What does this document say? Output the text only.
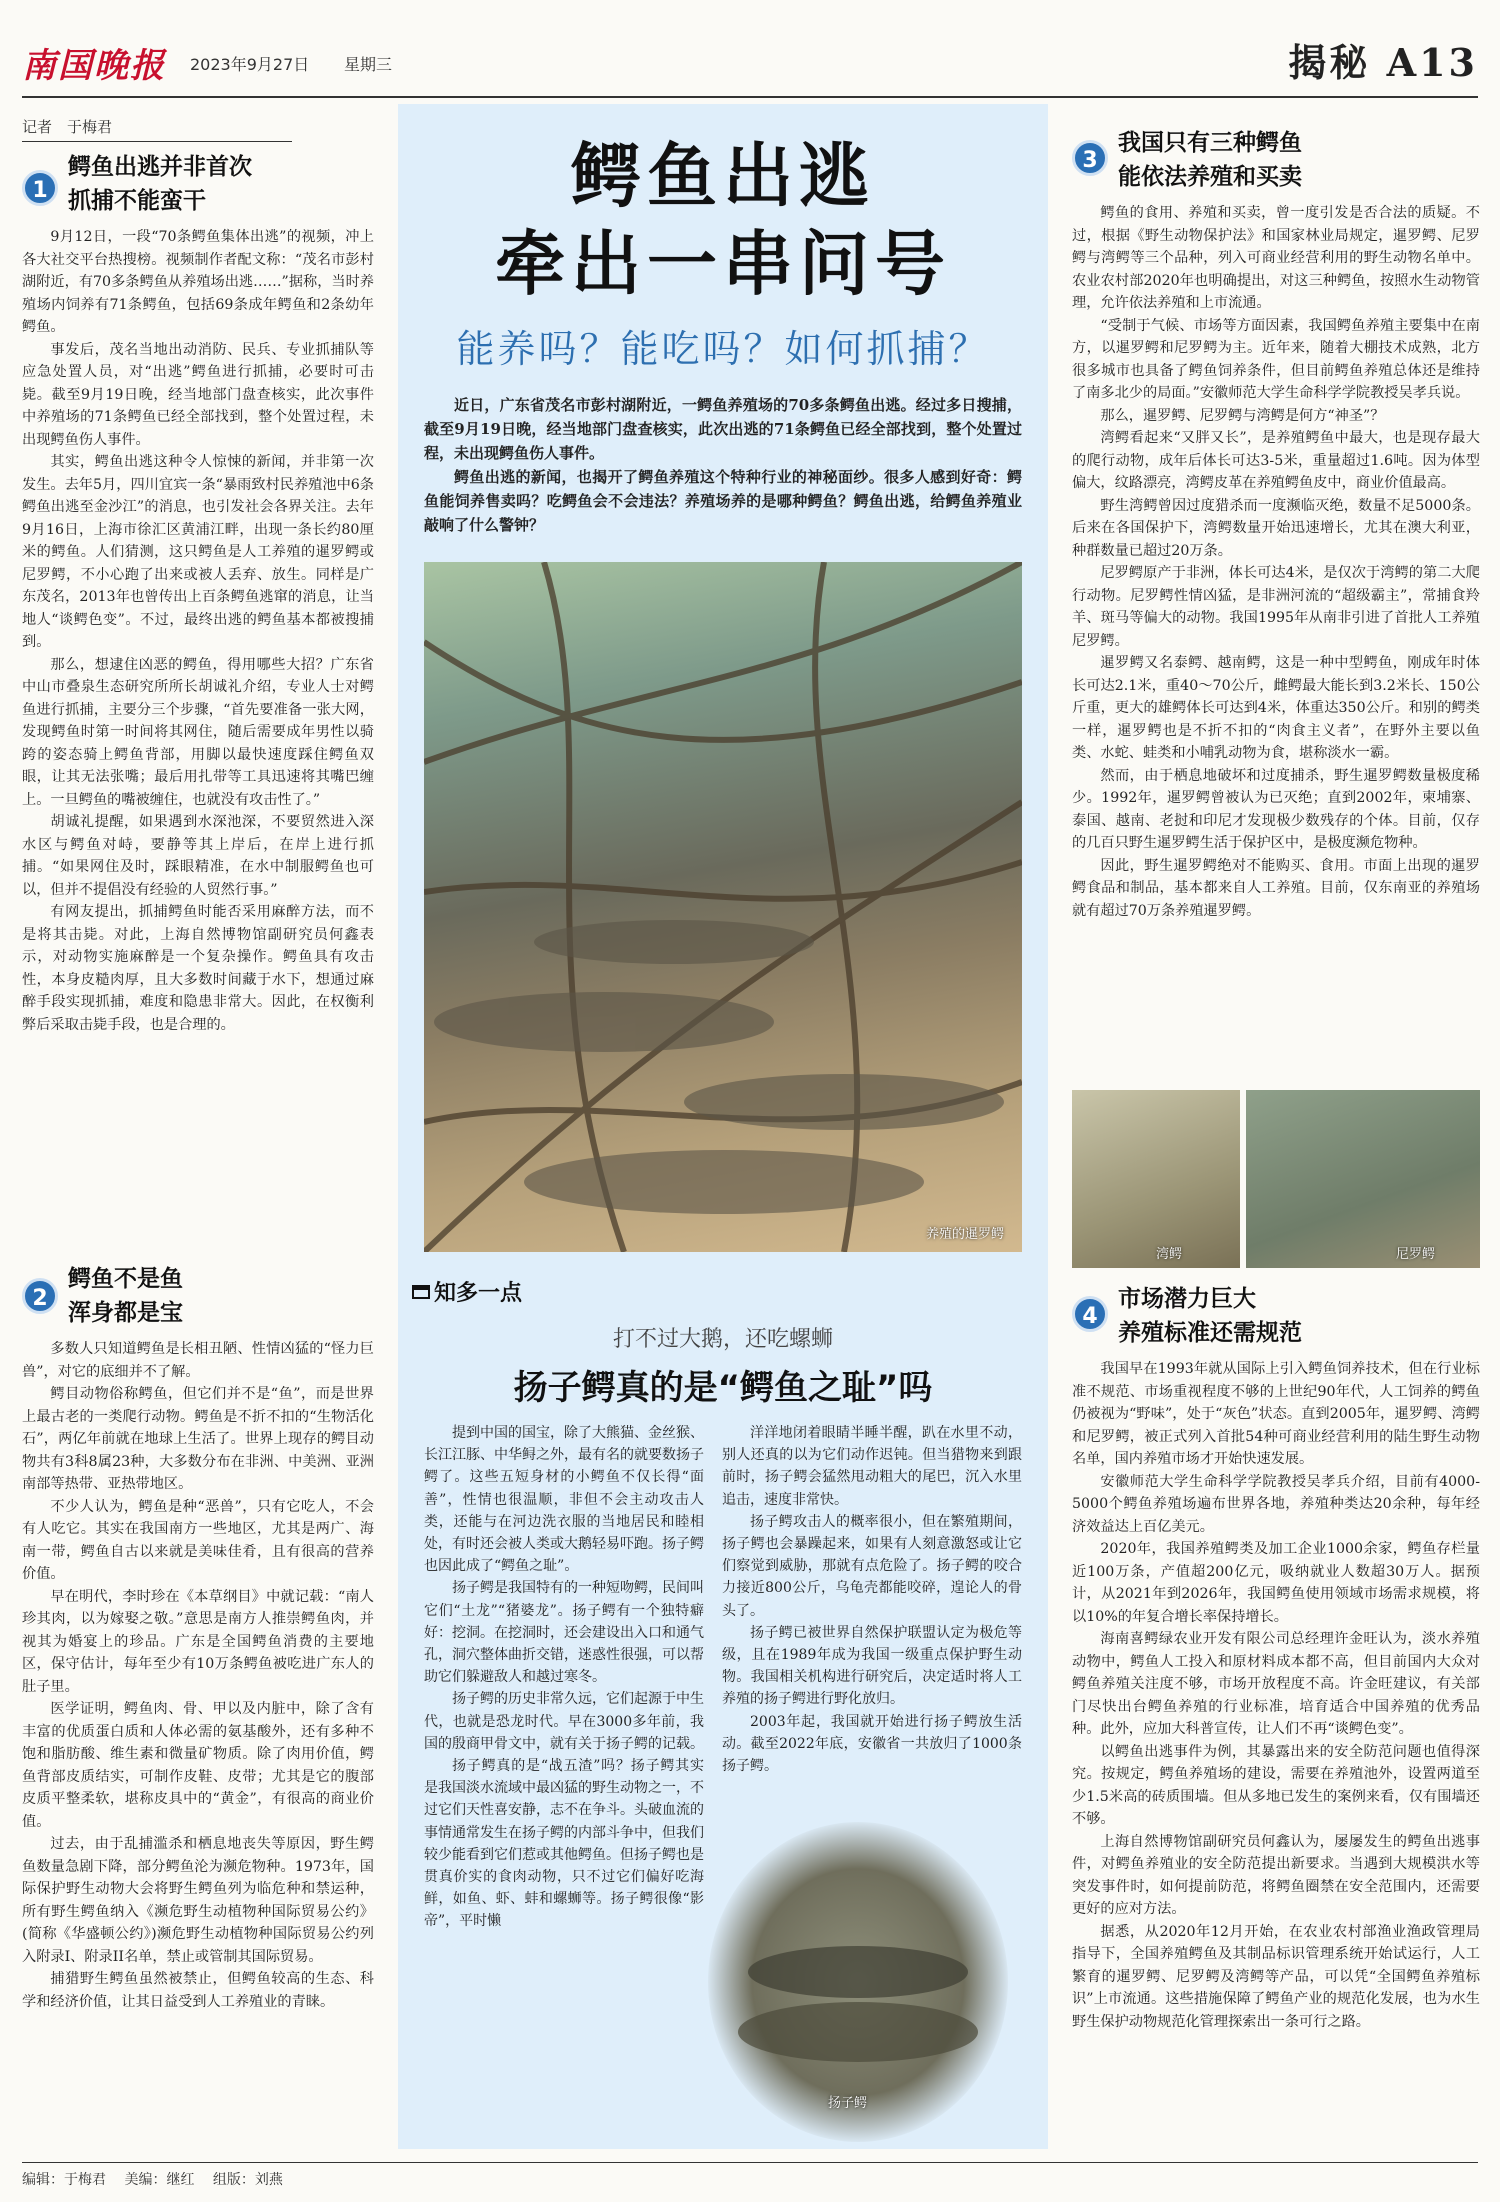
南国晚报 2023年9月27日 星期三	揭秘 A13
记者　于梅君
1
鳄鱼出逃并非首次
抓捕不能蛮干

9月12日，一段“70条鳄鱼集体出逃”的视频，冲上各大社交平台热搜榜。视频制作者配文称：“茂名市彭村湖附近，有70多条鳄鱼从养殖场出逃……”据称，当时养殖场内饲养有71条鳄鱼，包括69条成年鳄鱼和2条幼年鳄鱼。

事发后，茂名当地出动消防、民兵、专业抓捕队等应急处置人员，对“出逃”鳄鱼进行抓捕，必要时可击毙。截至9月19日晚，经当地部门盘查核实，此次事件中养殖场的71条鳄鱼已经全部找到，整个处置过程，未出现鳄鱼伤人事件。

其实，鳄鱼出逃这种令人惊悚的新闻，并非第一次发生。去年5月，四川宜宾一条“暴雨致村民养殖池中6条鳄鱼出逃至金沙江”的消息，也引发社会各界关注。去年9月16日，上海市徐汇区黄浦江畔，出现一条长约80厘米的鳄鱼。人们猜测，这只鳄鱼是人工养殖的暹罗鳄或尼罗鳄，不小心跑了出来或被人丢弃、放生。同样是广东茂名，2013年也曾传出上百条鳄鱼逃窜的消息，让当地人“谈鳄色变”。不过，最终出逃的鳄鱼基本都被搜捕到。

那么，想逮住凶恶的鳄鱼，得用哪些大招？广东省中山市叠泉生态研究所所长胡诚礼介绍，专业人士对鳄鱼进行抓捕，主要分三个步骤，“首先要准备一张大网，发现鳄鱼时第一时间将其网住，随后需要成年男性以骑跨的姿态骑上鳄鱼背部，用脚以最快速度踩住鳄鱼双眼，让其无法张嘴；最后用扎带等工具迅速将其嘴巴缠上。一旦鳄鱼的嘴被缠住，也就没有攻击性了。”

胡诚礼提醒，如果遇到水深池深，不要贸然进入深水区与鳄鱼对峙，要静等其上岸后，在岸上进行抓捕。“如果网住及时，踩眼精准，在水中制服鳄鱼也可以，但并不提倡没有经验的人贸然行事。”

有网友提出，抓捕鳄鱼时能否采用麻醉方法，而不是将其击毙。对此，上海自然博物馆副研究员何鑫表示，对动物实施麻醉是一个复杂操作。鳄鱼具有攻击性，本身皮糙肉厚，且大多数时间藏于水下，想通过麻醉手段实现抓捕，难度和隐患非常大。因此，在权衡利弊后采取击毙手段，也是合理的。

2
鳄鱼不是鱼
浑身都是宝

多数人只知道鳄鱼是长相丑陋、性情凶猛的“怪力巨兽”，对它的底细并不了解。

鳄目动物俗称鳄鱼，但它们并不是“鱼”，而是世界上最古老的一类爬行动物。鳄鱼是不折不扣的“生物活化石”，两亿年前就在地球上生活了。世界上现存的鳄目动物共有3科8属23种，大多数分布在非洲、中美洲、亚洲南部等热带、亚热带地区。

不少人认为，鳄鱼是种“恶兽”，只有它吃人，不会有人吃它。其实在我国南方一些地区，尤其是两广、海南一带，鳄鱼自古以来就是美味佳肴，且有很高的营养价值。

早在明代，李时珍在《本草纲目》中就记载：“南人珍其肉，以为嫁娶之敬。”意思是南方人推崇鳄鱼肉，并视其为婚宴上的珍品。广东是全国鳄鱼消费的主要地区，保守估计，每年至少有10万条鳄鱼被吃进广东人的肚子里。

医学证明，鳄鱼肉、骨、甲以及内脏中，除了含有丰富的优质蛋白质和人体必需的氨基酸外，还有多种不饱和脂肪酸、维生素和微量矿物质。除了肉用价值，鳄鱼背部皮质结实，可制作皮鞋、皮带；尤其是它的腹部皮质平整柔软，堪称皮具中的“黄金”，有很高的商业价值。

过去，由于乱捕滥杀和栖息地丧失等原因，野生鳄鱼数量急剧下降，部分鳄鱼沦为濒危物种。1973年，国际保护野生动物大会将野生鳄鱼列为临危种和禁运种，所有野生鳄鱼纳入《濒危野生动植物种国际贸易公约》(简称《华盛顿公约》)濒危野生动植物种国际贸易公约列入附录I、附录II名单，禁止或管制其国际贸易。

捕猎野生鳄鱼虽然被禁止，但鳄鱼较高的生态、科学和经济价值，让其日益受到人工养殖业的青睐。

鳄鱼出逃
牵出一串问号
能养吗？能吃吗？如何抓捕？

近日，广东省茂名市彭村湖附近，一鳄鱼养殖场的70多条鳄鱼出逃。经过多日搜捕，截至9月19日晚，经当地部门盘查核实，此次出逃的71条鳄鱼已经全部找到，整个处置过程，未出现鳄鱼伤人事件。

鳄鱼出逃的新闻，也揭开了鳄鱼养殖这个特种行业的神秘面纱。很多人感到好奇：鳄鱼能饲养售卖吗？吃鳄鱼会不会违法？养殖场养的是哪种鳄鱼？鳄鱼出逃，给鳄鱼养殖业敲响了什么警钟？

养殖的暹罗鳄
知多一点
打不过大鹅，还吃螺蛳
扬子鳄真的是“鳄鱼之耻”吗

提到中国的国宝，除了大熊猫、金丝猴、长江江豚、中华鲟之外，最有名的就要数扬子鳄了。这些五短身材的小鳄鱼不仅长得“面善”，性情也很温顺，非但不会主动攻击人类，还能与在河边洗衣服的当地居民和睦相处，有时还会被人类或大鹅轻易吓跑。扬子鳄也因此成了“鳄鱼之耻”。

扬子鳄是我国特有的一种短吻鳄，民间叫它们“土龙”“猪婆龙”。扬子鳄有一个独特癖好：挖洞。在挖洞时，还会建设出入口和通气孔，洞穴整体曲折交错，迷惑性很强，可以帮助它们躲避敌人和越过寒冬。

扬子鳄的历史非常久远，它们起源于中生代，也就是恐龙时代。早在3000多年前，我国的殷商甲骨文中，就有关于扬子鳄的记载。

扬子鳄真的是“战五渣”吗？扬子鳄其实是我国淡水流域中最凶猛的野生动物之一，不过它们天性喜安静，志不在争斗。头破血流的事情通常发生在扬子鳄的内部斗争中，但我们较少能看到它们惹或其他鳄鱼。但扬子鳄也是贯真价实的食肉动物，只不过它们偏好吃海鲜，如鱼、虾、蚌和螺蛳等。扬子鳄很像“影帝”，平时懒

洋洋地闭着眼睛半睡半醒，趴在水里不动，别人还真的以为它们动作迟钝。但当猎物来到跟前时，扬子鳄会猛然甩动粗大的尾巴，沉入水里追击，速度非常快。

扬子鳄攻击人的概率很小，但在繁殖期间，扬子鳄也会暴躁起来，如果有人刻意激怒或让它们察觉到威胁，那就有点危险了。扬子鳄的咬合力接近800公斤，乌龟壳都能咬碎，遑论人的骨头了。

扬子鳄已被世界自然保护联盟认定为极危等级，且在1989年成为我国一级重点保护野生动物。我国相关机构进行研究后，决定适时将人工养殖的扬子鳄进行野化放归。

2003年起，我国就开始进行扬子鳄放生活动。截至2022年底，安徽省一共放归了1000条扬子鳄。

扬子鳄
3
我国只有三种鳄鱼
能依法养殖和买卖

鳄鱼的食用、养殖和买卖，曾一度引发是否合法的质疑。不过，根据《野生动物保护法》和国家林业局规定，暹罗鳄、尼罗鳄与湾鳄等三个品种，列入可商业经营利用的野生动物名单中。农业农村部2020年也明确提出，对这三种鳄鱼，按照水生动物管理，允许依法养殖和上市流通。

“受制于气候、市场等方面因素，我国鳄鱼养殖主要集中在南方，以暹罗鳄和尼罗鳄为主。近年来，随着大棚技术成熟，北方很多城市也具备了鳄鱼饲养条件，但目前鳄鱼养殖总体还是维持了南多北少的局面。”安徽师范大学生命科学学院教授吴孝兵说。

那么，暹罗鳄、尼罗鳄与湾鳄是何方“神圣”？

湾鳄看起来“又胖又长”，是养殖鳄鱼中最大，也是现存最大的爬行动物，成年后体长可达3-5米，重量超过1.6吨。因为体型偏大，纹路漂亮，湾鳄皮革在养殖鳄鱼皮中，商业价值最高。

野生湾鳄曾因过度猎杀而一度濒临灭绝，数量不足5000条。后来在各国保护下，湾鳄数量开始迅速增长，尤其在澳大利亚，种群数量已超过20万条。

尼罗鳄原产于非洲，体长可达4米，是仅次于湾鳄的第二大爬行动物。尼罗鳄性情凶猛，是非洲河流的“超级霸主”，常捕食羚羊、斑马等偏大的动物。我国1995年从南非引进了首批人工养殖尼罗鳄。

暹罗鳄又名泰鳄、越南鳄，这是一种中型鳄鱼，刚成年时体长可达2.1米，重40～70公斤，雌鳄最大能长到3.2米长、150公斤重，更大的雄鳄体长可达到4米，体重达350公斤。和别的鳄类一样，暹罗鳄也是不折不扣的“肉食主义者”，在野外主要以鱼类、水蛇、蛙类和小哺乳动物为食，堪称淡水一霸。

然而，由于栖息地破坏和过度捕杀，野生暹罗鳄数量极度稀少。1992年，暹罗鳄曾被认为已灭绝；直到2002年，柬埔寨、泰国、越南、老挝和印尼才发现极少数残存的个体。目前，仅存的几百只野生暹罗鳄生活于保护区中，是极度濒危物种。

因此，野生暹罗鳄绝对不能购买、食用。市面上出现的暹罗鳄食品和制品，基本都来自人工养殖。目前，仅东南亚的养殖场就有超过70万条养殖暹罗鳄。

湾鳄	尼罗鳄
4
市场潜力巨大
养殖标准还需规范

我国早在1993年就从国际上引入鳄鱼饲养技术，但在行业标准不规范、市场重视程度不够的上世纪90年代，人工饲养的鳄鱼仍被视为“野味”，处于“灰色”状态。直到2005年，暹罗鳄、湾鳄和尼罗鳄，被正式列入首批54种可商业经营利用的陆生野生动物名单，国内养殖市场才开始快速发展。

安徽师范大学生命科学学院教授吴孝兵介绍，目前有4000-5000个鳄鱼养殖场遍布世界各地，养殖种类达20余种，每年经济效益达上百亿美元。

2020年，我国养殖鳄类及加工企业1000余家，鳄鱼存栏量近100万条，产值超200亿元，吸纳就业人数超30万人。据预计，从2021年到2026年，我国鳄鱼使用领域市场需求规模，将以10%的年复合增长率保持增长。

海南喜鳄绿农业开发有限公司总经理许金旺认为，淡水养殖动物中，鳄鱼人工投入和原材料成本都不高，但目前国内大众对鳄鱼养殖关注度不够，市场开放程度不高。许金旺建议，有关部门尽快出台鳄鱼养殖的行业标准，培育适合中国养殖的优秀品种。此外，应加大科普宣传，让人们不再“谈鳄色变”。

以鳄鱼出逃事件为例，其暴露出来的安全防范问题也值得深究。按规定，鳄鱼养殖场的建设，需要在养殖池外，设置两道至少1.5米高的砖质围墙。但从多地已发生的案例来看，仅有围墙还不够。

上海自然博物馆副研究员何鑫认为，屡屡发生的鳄鱼出逃事件，对鳄鱼养殖业的安全防范提出新要求。当遇到大规模洪水等突发事件时，如何提前防范，将鳄鱼圈禁在安全范围内，还需要更好的应对方法。

据悉，从2020年12月开始，在农业农村部渔业渔政管理局指导下，全国养殖鳄鱼及其制品标识管理系统开始试运行，人工繁育的暹罗鳄、尼罗鳄及湾鳄等产品，可以凭“全国鳄鱼养殖标识”上市流通。这些措施保障了鳄鱼产业的规范化发展，也为水生野生保护动物规范化管理探索出一条可行之路。

编辑：于梅君 美编：继红 组版：刘燕
